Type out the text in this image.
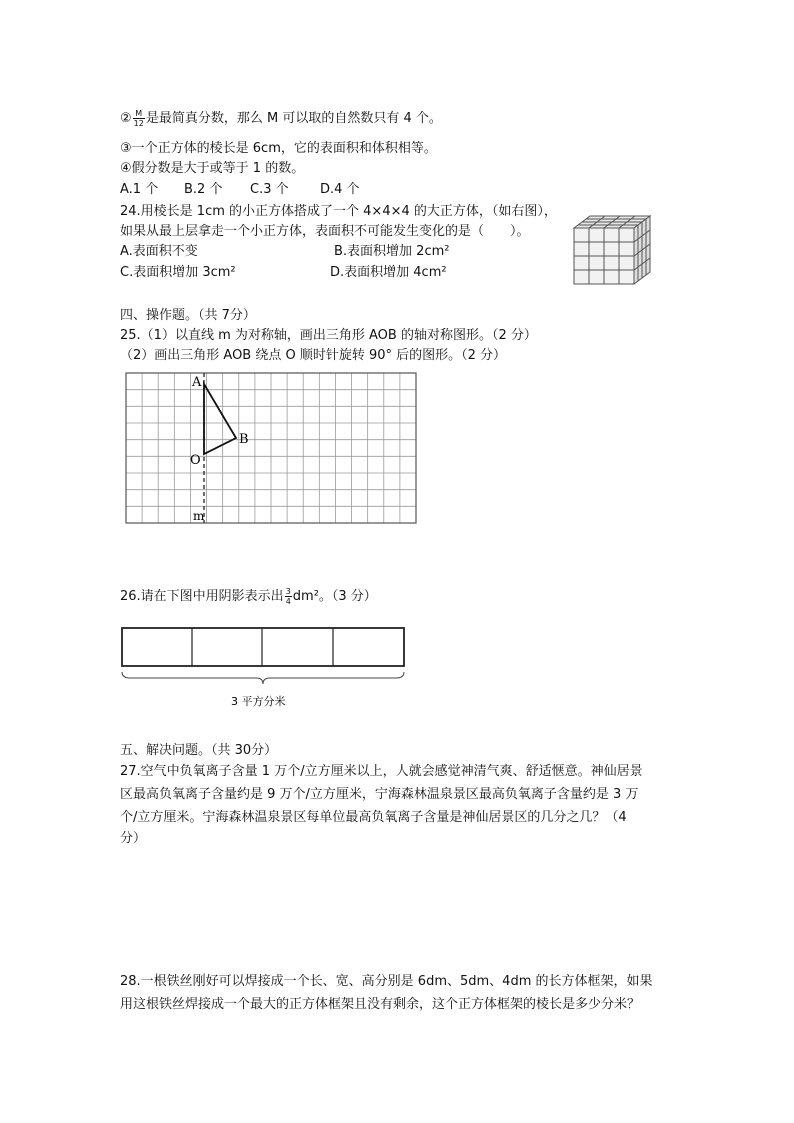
② $\frac{M}{12}$ 是最简真分数，那么 M 可以取的自然数只有 4 个。
③一个正方体的棱长是 6cm，它的表面积和体积相等。
④假分数是大于或等于 1 的数。
A.1 个 B.2 个 C.3 个 D.4 个
24.用棱长是 1cm 的小正方体搭成了一个 4×4×4 的大正方体，（如右图），
如果从最上层拿走一个小正方体，表面积不可能发生变化的是（　　）。
A.表面积不变	B.表面积增加 2cm²
C.表面积增加 3cm²	D.表面积增加 4cm²
四、操作题。（共 7分）
25.（1）以直线 m 为对称轴，画出三角形 AOB 的轴对称图形。（2 分）
（2）画出三角形 AOB 绕点 O 顺时针旋转 90° 后的图形。（2 分）
A
B
O
m
26.请在下图中用阴影表示出 $\frac{3}{4} dm^2$。（3 分）
3 平方分米
五、解决问题。（共 30分）
27.空气中负氧离子含量 1 万个/立方厘米以上，人就会感觉神清气爽、舒适惬意。神仙居景
区最高负氧离子含量约是 9 万个/立方厘米，宁海森林温泉景区最高负氧离子含量约是 3 万
个/立方厘米。宁海森林温泉景区每单位最高负氧离子含量是神仙居景区的几分之几？（4
分）
28.一根铁丝刚好可以焊接成一个长、宽、高分别是 6dm、5dm、4dm 的长方体框架，如果
用这根铁丝焊接成一个最大的正方体框架且没有剩余，这个正方体框架的棱长是多少分米？
